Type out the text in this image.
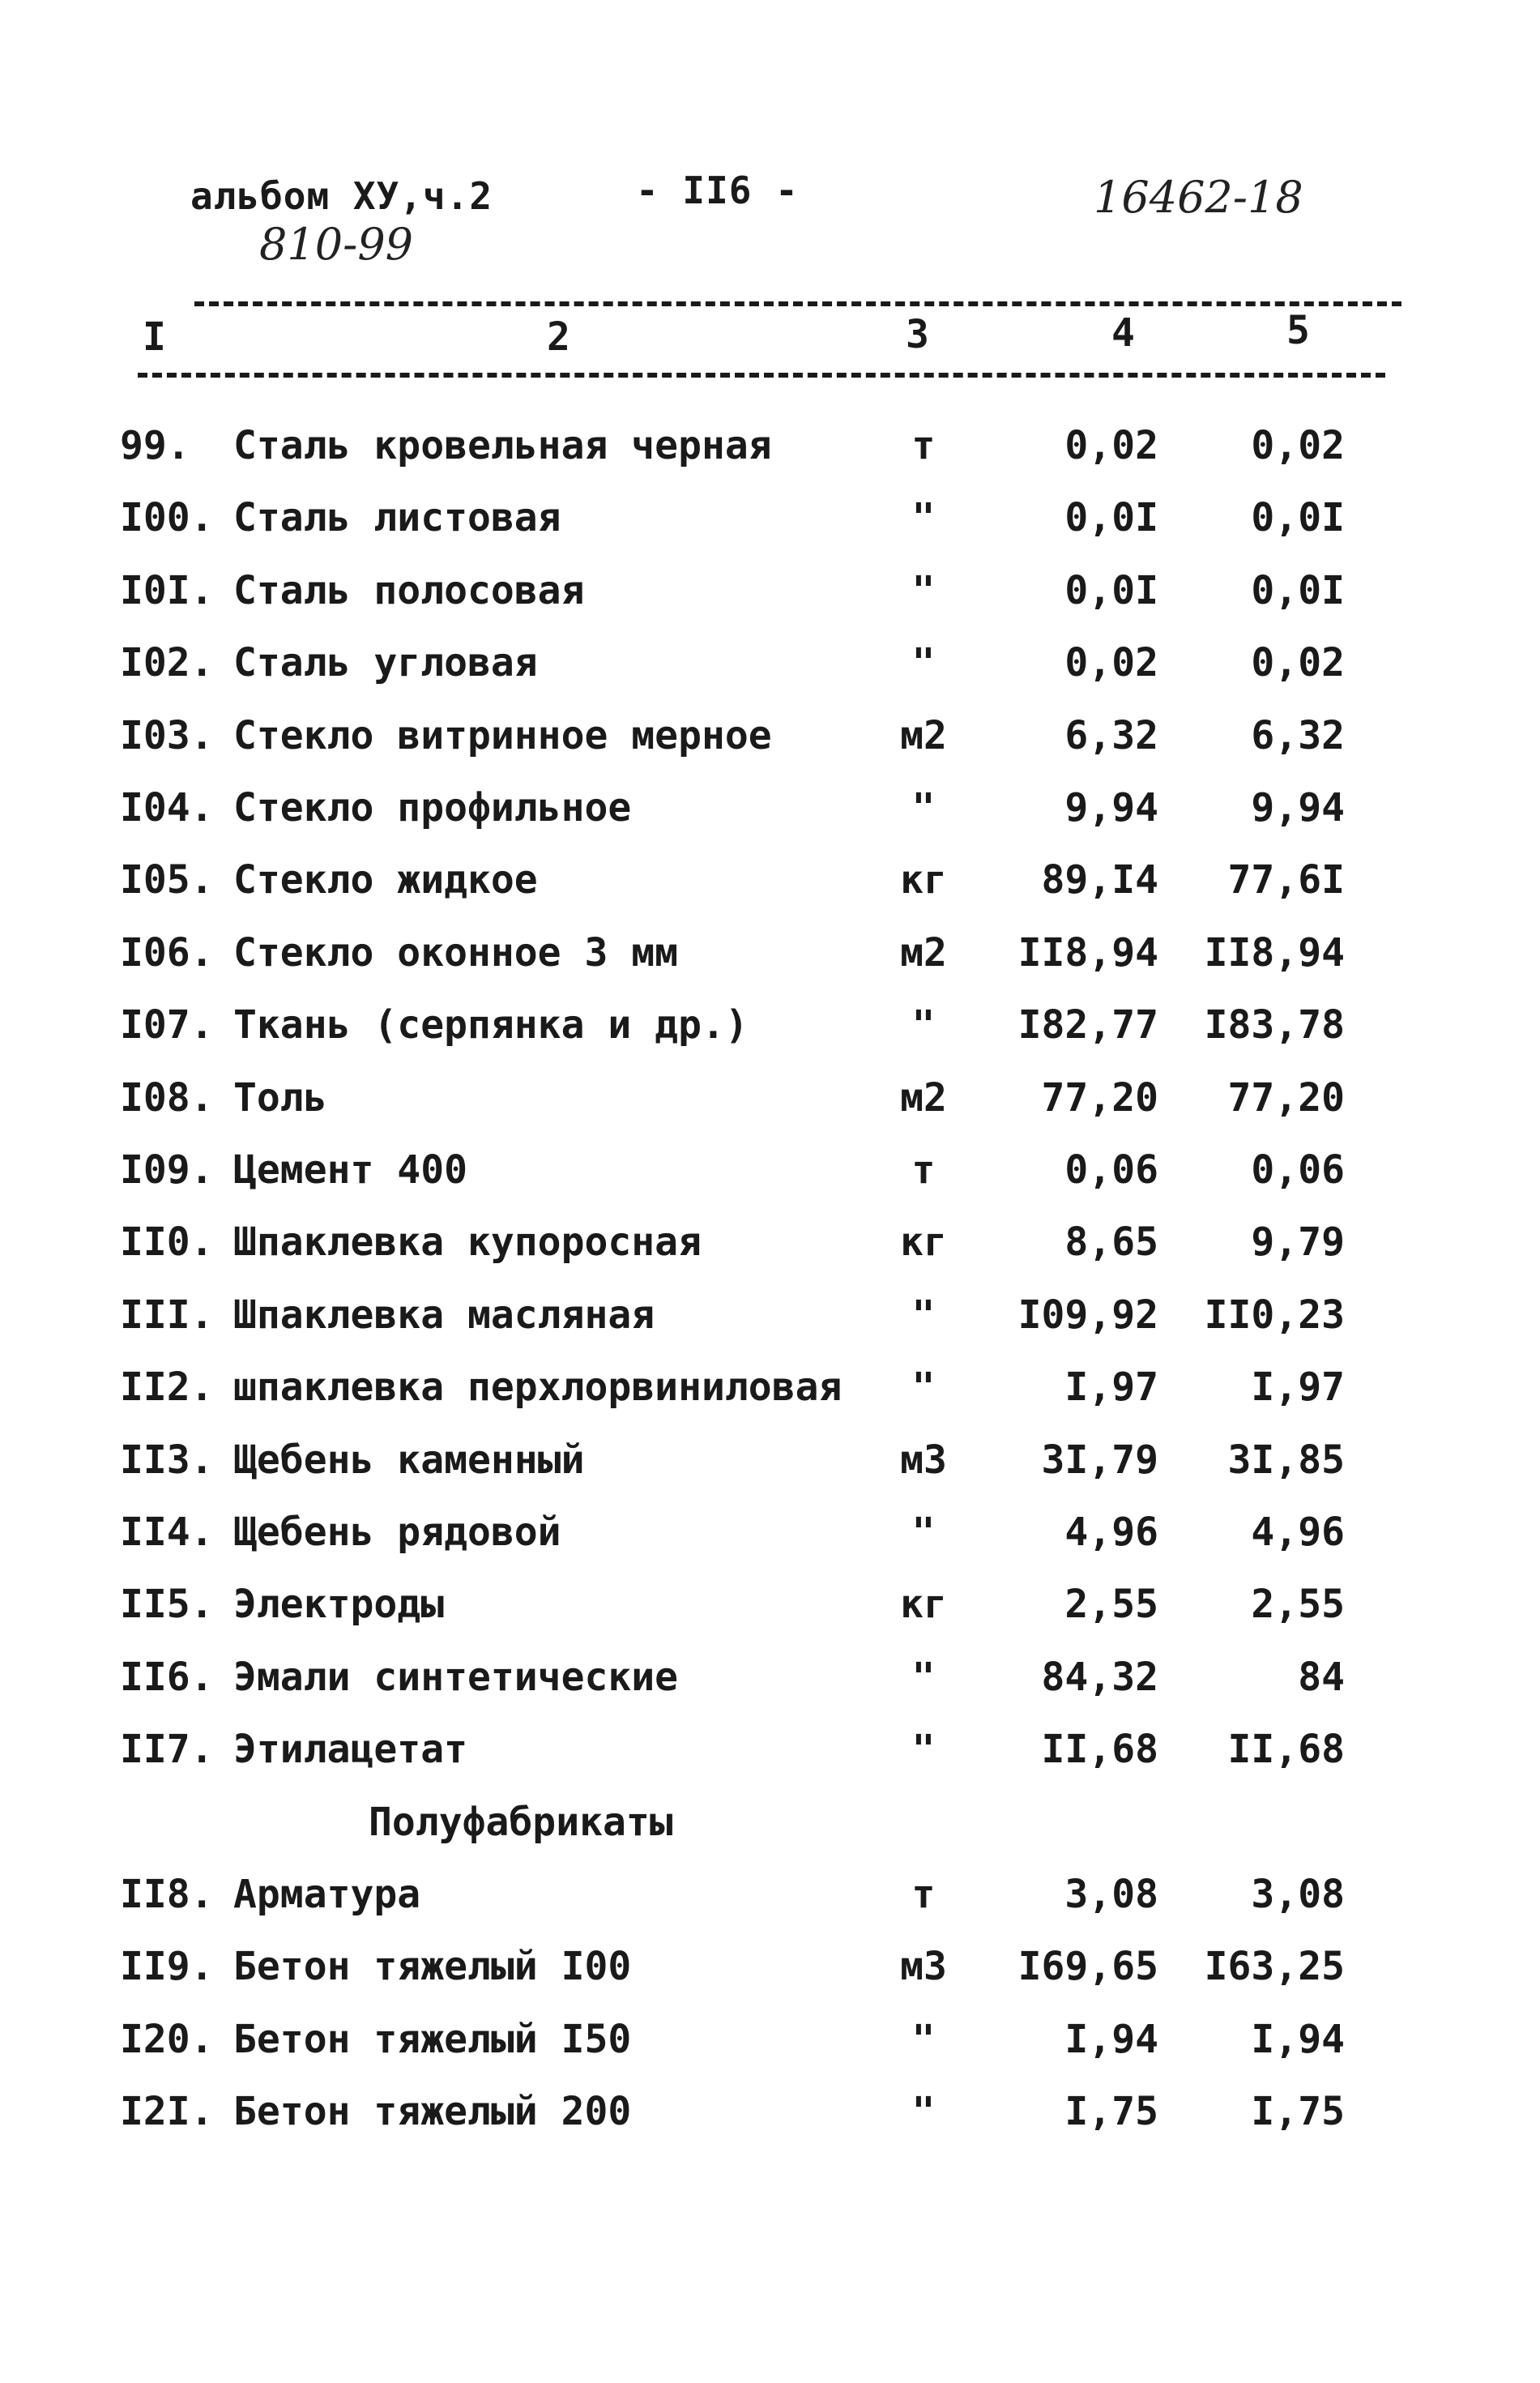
альбом ХУ,ч.2	- II6 -	16462-18
810-99
I	2	3	4	5
99.	Сталь кровельная черная	т	0,02	0,02
I00. Сталь листовая	"	0,0I	0,0I
I0I. Сталь полосовая	"	0,0I	0,0I
I02. Сталь угловая	"	0,02	0,02
I03. Стекло витринное мерное	м2	6,32	6,32
I04. Стекло профильное	"	9,94	9,94
I05. Стекло жидкое	кг	89,I4	77,6I
I06. Стекло оконное 3 мм	м2	II8,94	II8,94
I07. Ткань (серпянка и др.)	"	I82,77	I83,78
I08. Толь	м2	77,20	77,20
I09. Цемент 400	т	0,06	0,06
II0. Шпаклевка купоросная	кг	8,65	9,79
III. Шпаклевка масляная	"	I09,92	II0,23
II2. шпаклевка перхлорвиниловая	"	I,97	I,97
II3. Щебень каменный	м3	3I,79	3I,85
II4. Щебень рядовой	"	4,96	4,96
II5. Электроды	кг	2,55	2,55
II6. Эмали синтетические	"	84,32	84
II7. Этилацетат	"	II,68	II,68
Полуфабрикаты
II8. Арматура	т	3,08	3,08
II9. Бетон тяжелый I00	м3	I69,65	I63,25
I20. Бетон тяжелый I50	"	I,94	I,94
I2I. Бетон тяжелый 200	"	I,75	I,75
